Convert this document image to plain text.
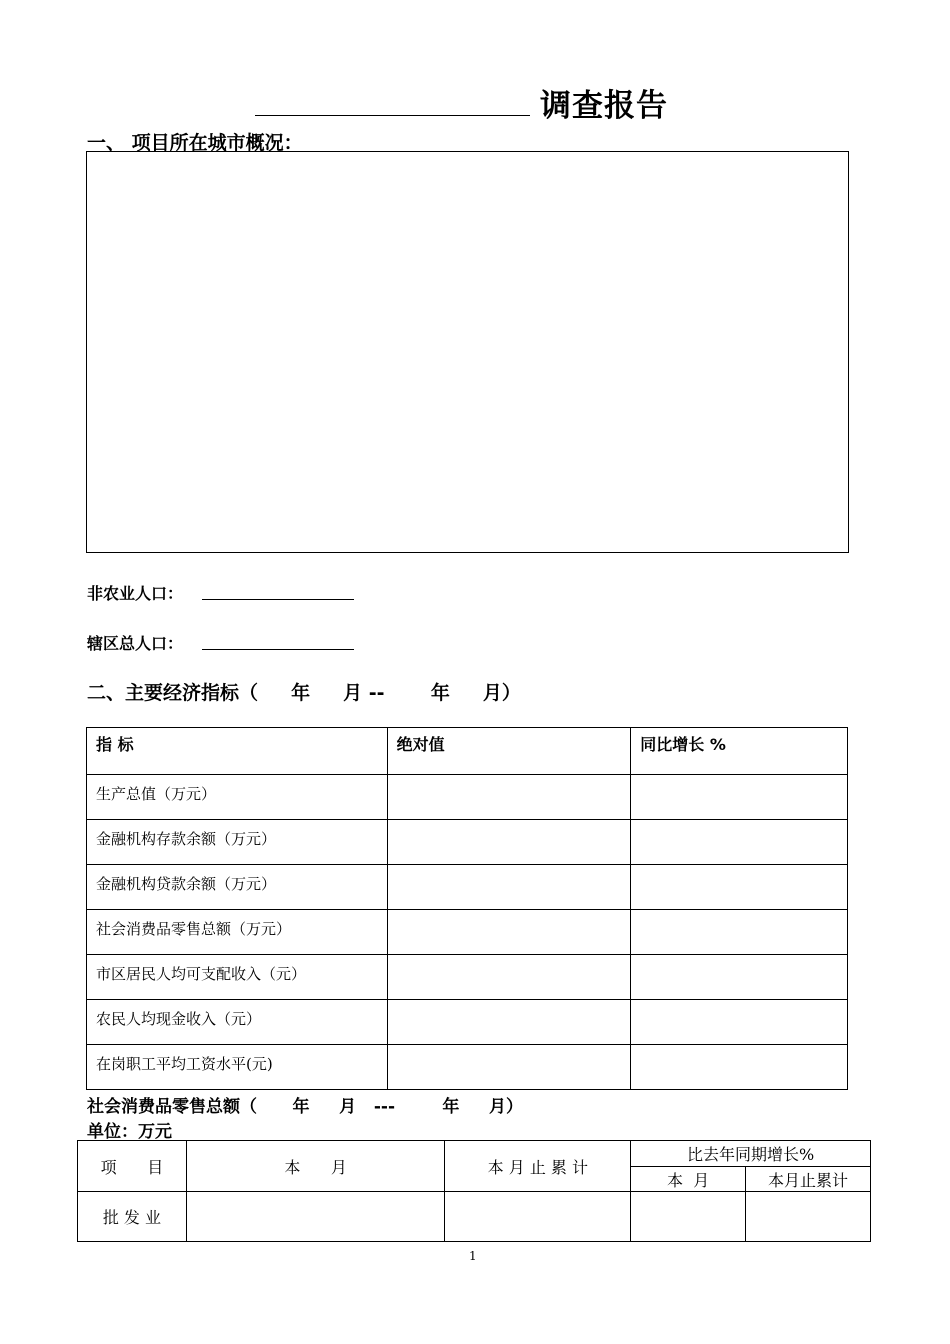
调查报告
一、 项目所在城市概况：
非农业人口：
辖区总人口：
二、主要经济指标（     年     月 --       年     月）
指 标	绝对值	同比增长 %

生产总值（万元）		

金融机构存款余额（万元）		

金融机构贷款余额（万元）		

社会消费品零售总额（万元）		

市区居民人均可支配收入（元）		

农民人均现金收入（元）		

在岗职工平均工资水平(元)		

社会消费品零售总额（      年     月   ---        年     月）
单位：万元
项      目	本      月	本 月 止 累 计	比去年同期增长%	
			本  月	本月止累计
批 发 业				
1
